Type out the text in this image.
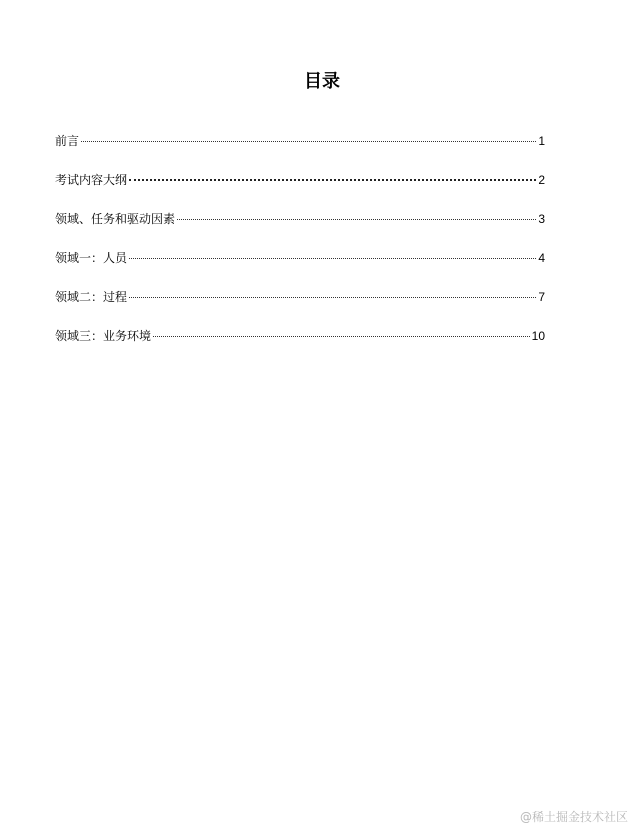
目录
前言	1
考试内容大纲	2
领域、任务和驱动因素	3
领域一：人员	4
领域二：过程	7
领域三：业务环境	10
@稀土掘金技术社区
